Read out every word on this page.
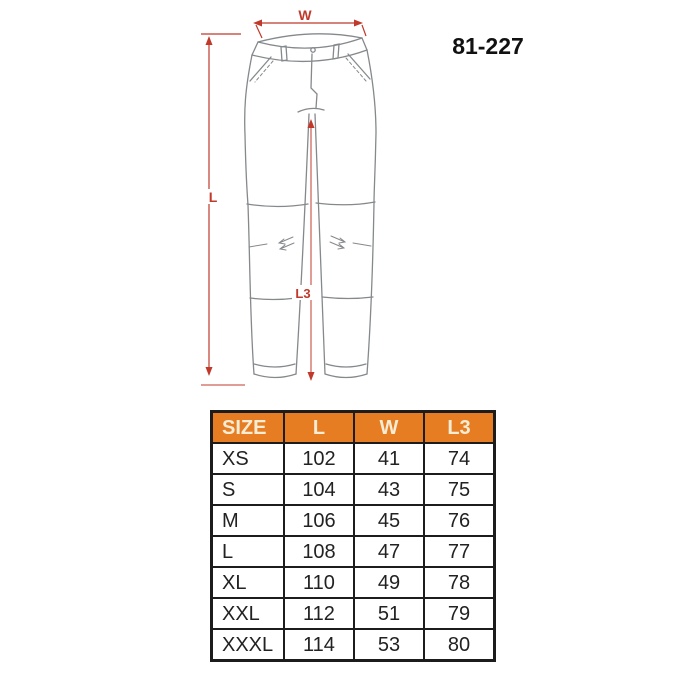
W
L
L3
81-227
SIZE	L	W	L3
XS	102	41	74
S	104	43	75
M	106	45	76
L	108	47	77
XL	110	49	78
XXL	112	51	79
XXXL	114	53	80
